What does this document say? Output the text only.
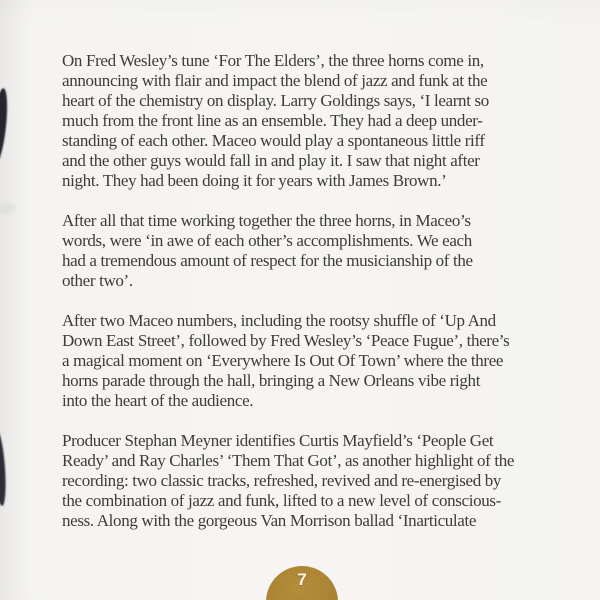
On Fred Wesley’s tune ‘For The Elders’, the three horns come in,
announcing with flair and impact the blend of jazz and funk at the
heart of the chemistry on display. Larry Goldings says, ‘I learnt so
much from the front line as an ensemble. They had a deep under-
standing of each other. Maceo would play a spontaneous little riff
and the other guys would fall in and play it. I saw that night after
night. They had been doing it for years with James Brown.’
After all that time working together the three horns, in Maceo’s
words, were ‘in awe of each other’s accomplishments. We each
had a tremendous amount of respect for the musicianship of the
other two’.
After two Maceo numbers, including the rootsy shuffle of ‘Up And
Down East Street’, followed by Fred Wesley’s ‘Peace Fugue’, there’s
a magical moment on ‘Everywhere Is Out Of Town’ where the three
horns parade through the hall, bringing a New Orleans vibe right
into the heart of the audience.
Producer Stephan Meyner identifies Curtis Mayfield’s ‘People Get
Ready’ and Ray Charles’ ‘Them That Got’, as another highlight of the
recording: two classic tracks, refreshed, revived and re-energised by
the combination of jazz and funk, lifted to a new level of conscious-
ness. Along with the gorgeous Van Morrison ballad ‘Inarticulate
7
